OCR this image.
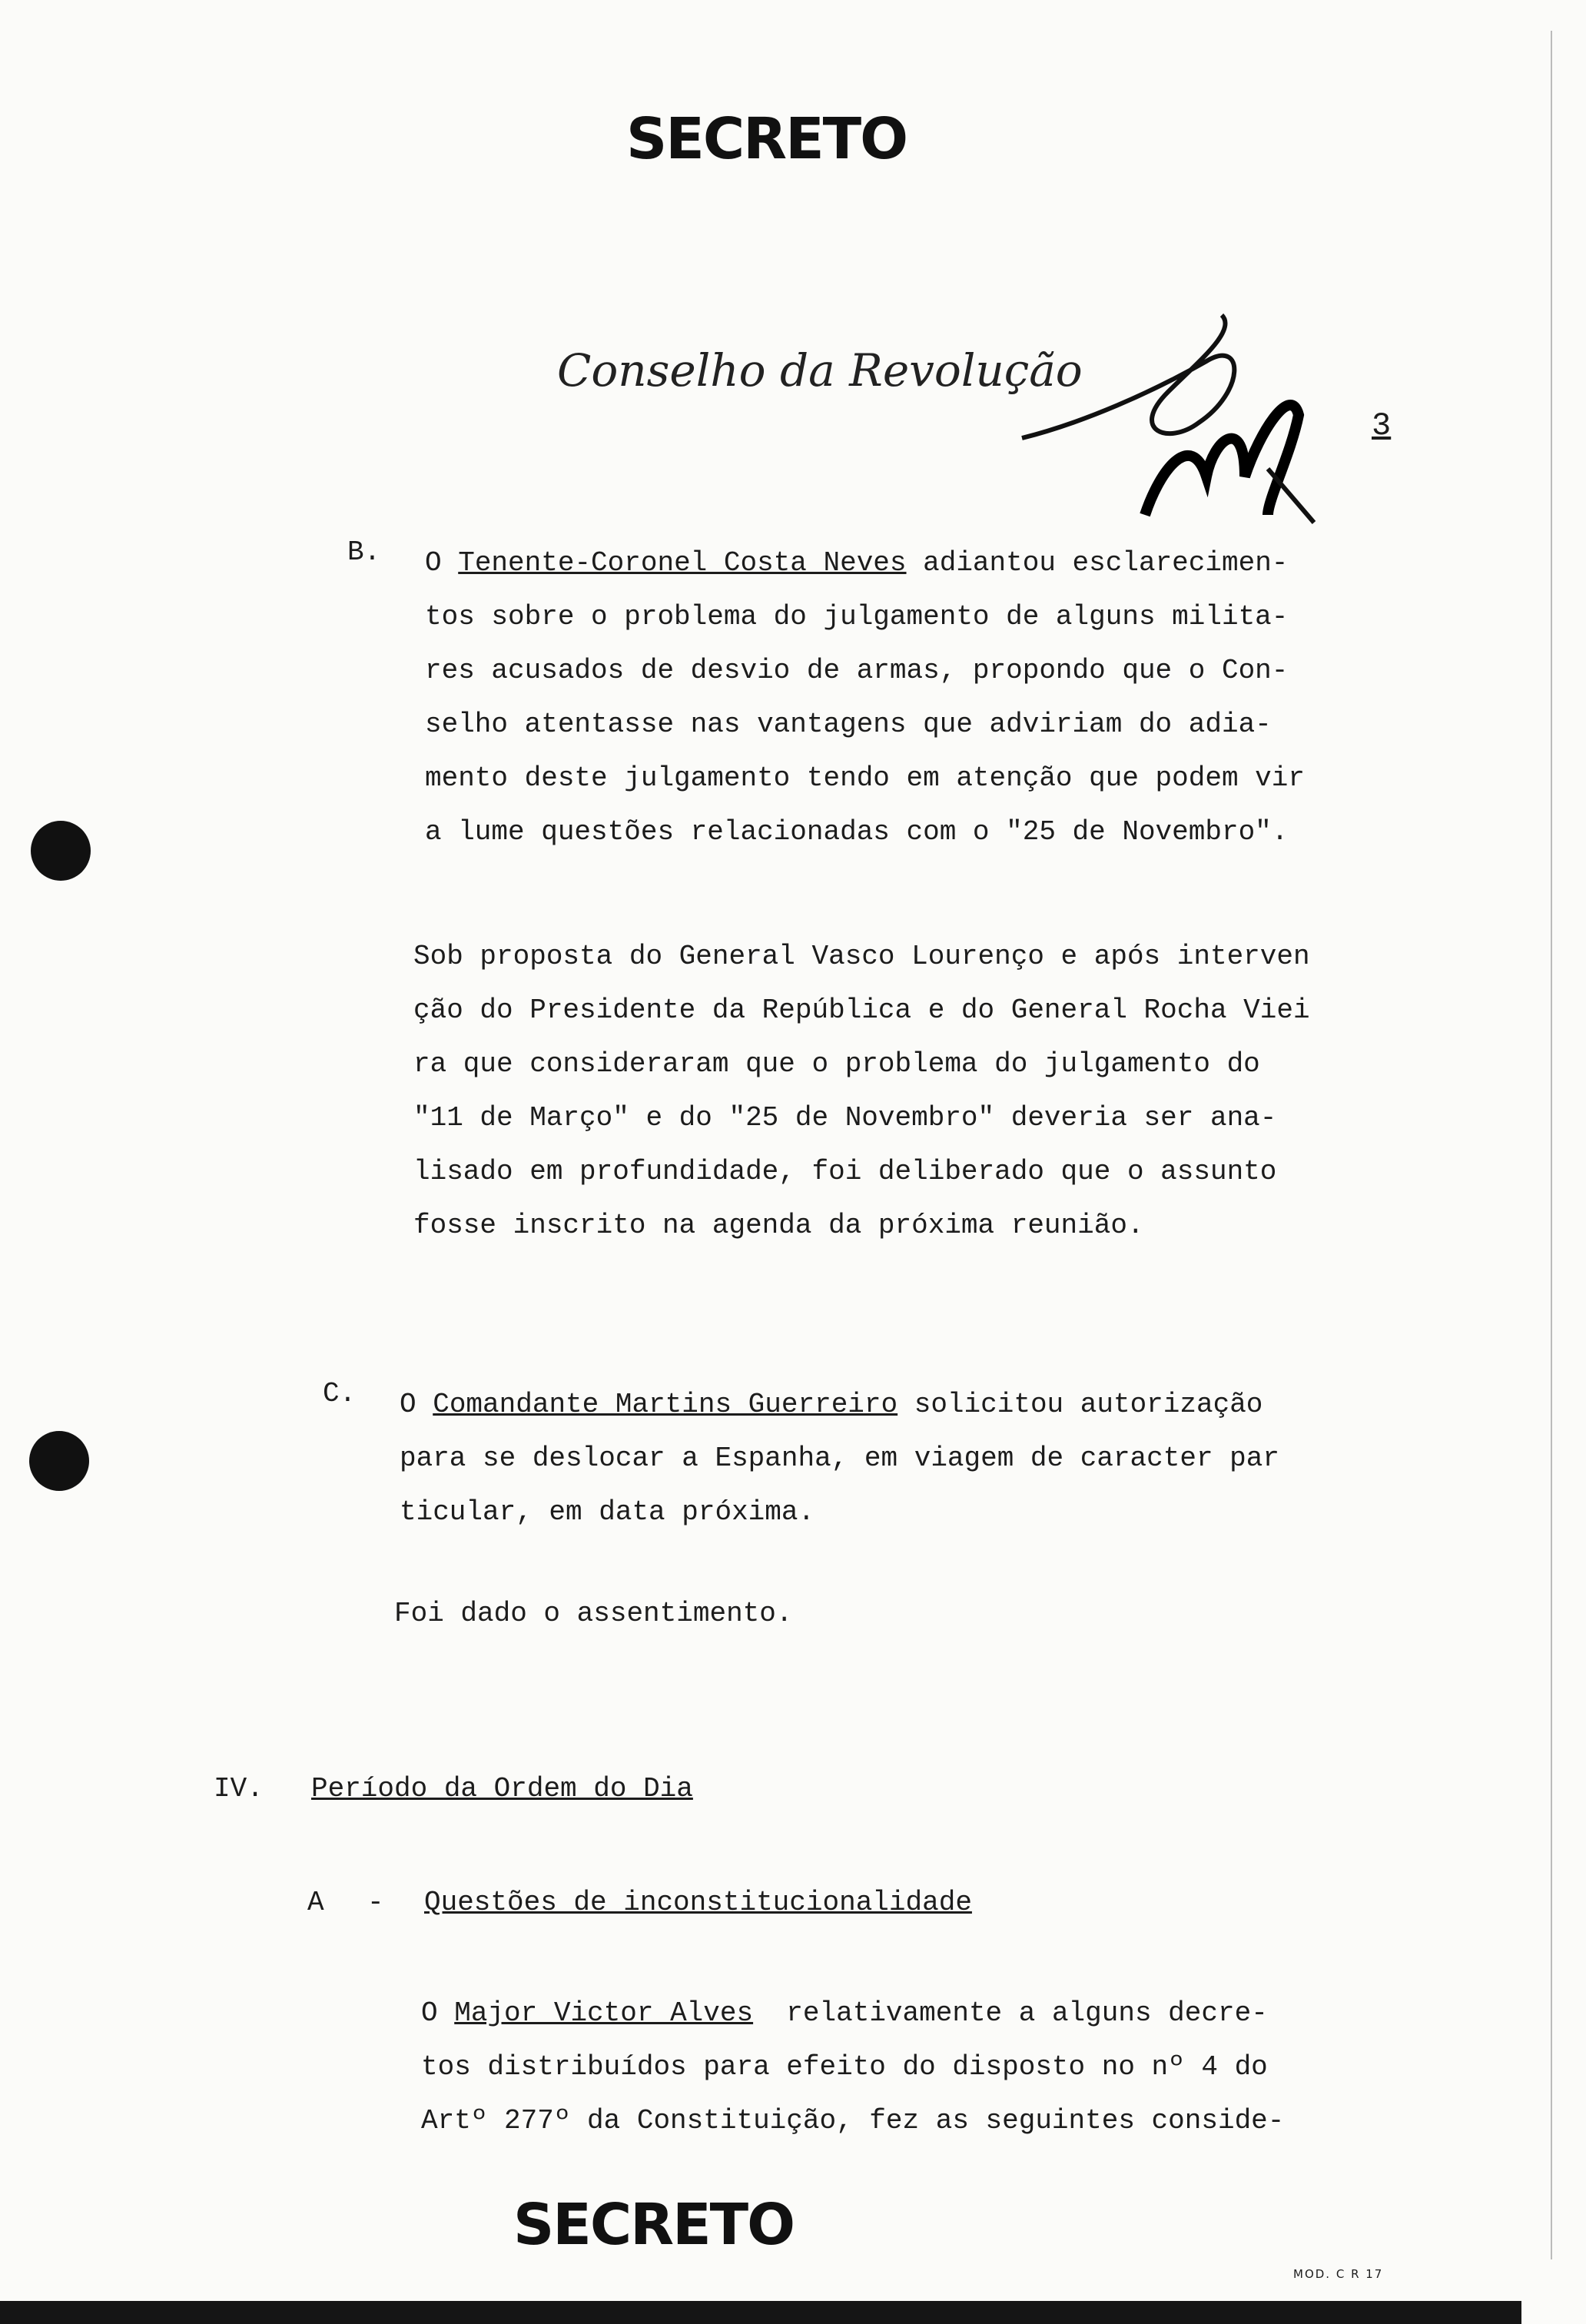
SECRETO
Conselho da Revolução
3
B. O Tenente-Coronel Costa Neves adiantou esclarecimen-
tos sobre o problema do julgamento de alguns milita-
res acusados de desvio de armas, propondo que o Con-
selho atentasse nas vantagens que adviriam do adia-
mento deste julgamento tendo em atenção que podem vir
a lume questões relacionadas com o "25 de Novembro".
Sob proposta do General Vasco Lourenço e após interven
ção do Presidente da República e do General Rocha Viei
ra que consideraram que o problema do julgamento do
"11 de Março" e do "25 de Novembro" deveria ser ana-
lisado em profundidade, foi deliberado que o assunto
fosse inscrito na agenda da próxima reunião.
C. O Comandante Martins Guerreiro solicitou autorização
para se deslocar a Espanha, em viagem de caracter par
ticular, em data próxima.
Foi dado o assentimento.
IV. Período da Ordem do Dia
A - Questões de inconstitucionalidade
O Major Victor Alves  relativamente a alguns decre-
tos distribuídos para efeito do disposto no nº 4 do
Artº 277º da Constituição, fez as seguintes conside-
SECRETO
MOD. C R 17
